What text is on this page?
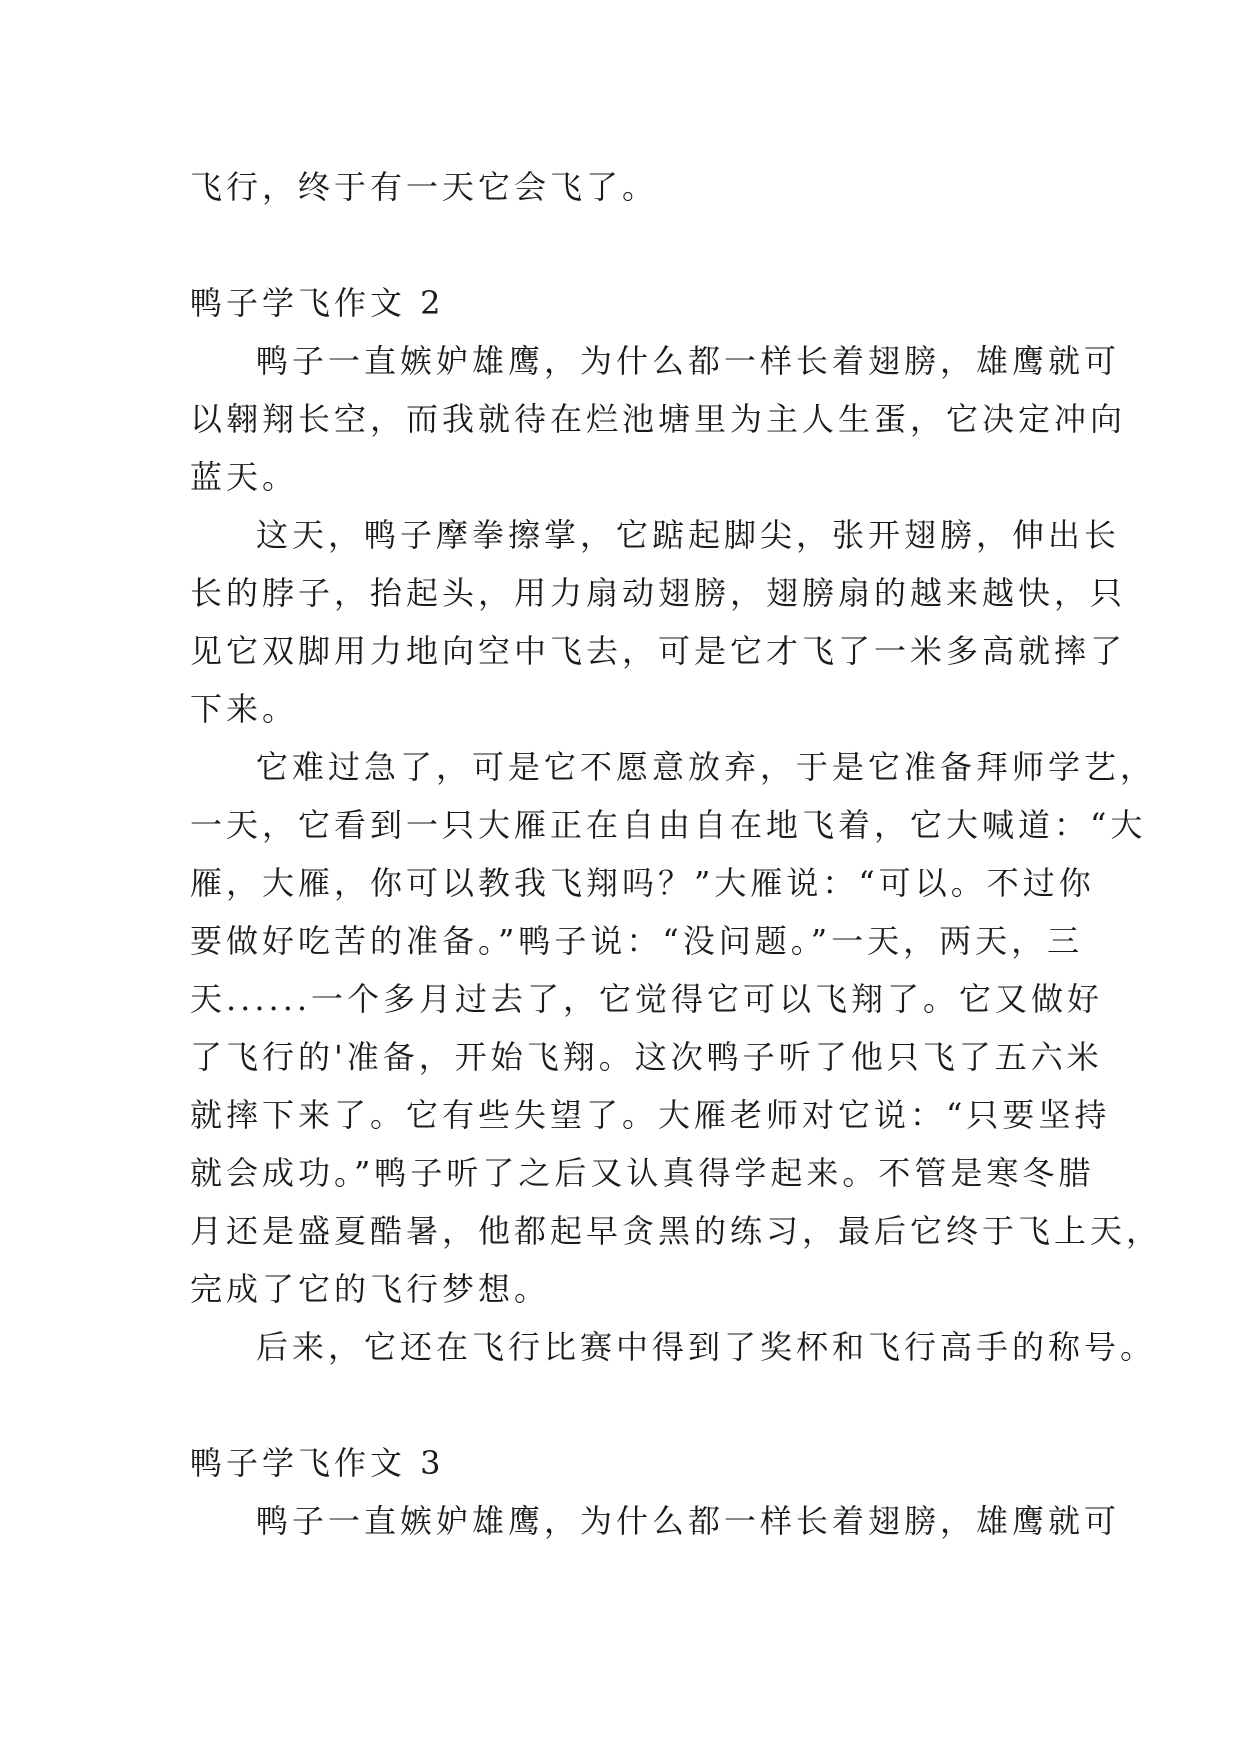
飞行，终于有一天它会飞了。
鸭子学飞作文 2
鸭子一直嫉妒雄鹰，为什么都一样长着翅膀，雄鹰就可
以翱翔长空，而我就待在烂池塘里为主人生蛋，它决定冲向
蓝天。
这天，鸭子摩拳擦掌，它踮起脚尖，张开翅膀，伸出长
长的脖子，抬起头，用力扇动翅膀，翅膀扇的越来越快，只
见它双脚用力地向空中飞去，可是它才飞了一米多高就摔了
下来。
它难过急了，可是它不愿意放弃，于是它准备拜师学艺，
一天，它看到一只大雁正在自由自在地飞着，它大喊道：“大
雁，大雁，你可以教我飞翔吗？”大雁说：“可以。不过你
要做好吃苦的准备。”鸭子说：“没问题。”一天，两天，三
天......一个多月过去了，它觉得它可以飞翔了。它又做好
了飞行的'准备，开始飞翔。这次鸭子听了他只飞了五六米
就摔下来了。它有些失望了。大雁老师对它说：“只要坚持
就会成功。”鸭子听了之后又认真得学起来。不管是寒冬腊
月还是盛夏酷暑，他都起早贪黑的练习，最后它终于飞上天，
完成了它的飞行梦想。
后来，它还在飞行比赛中得到了奖杯和飞行高手的称号。
鸭子学飞作文 3
鸭子一直嫉妒雄鹰，为什么都一样长着翅膀，雄鹰就可
